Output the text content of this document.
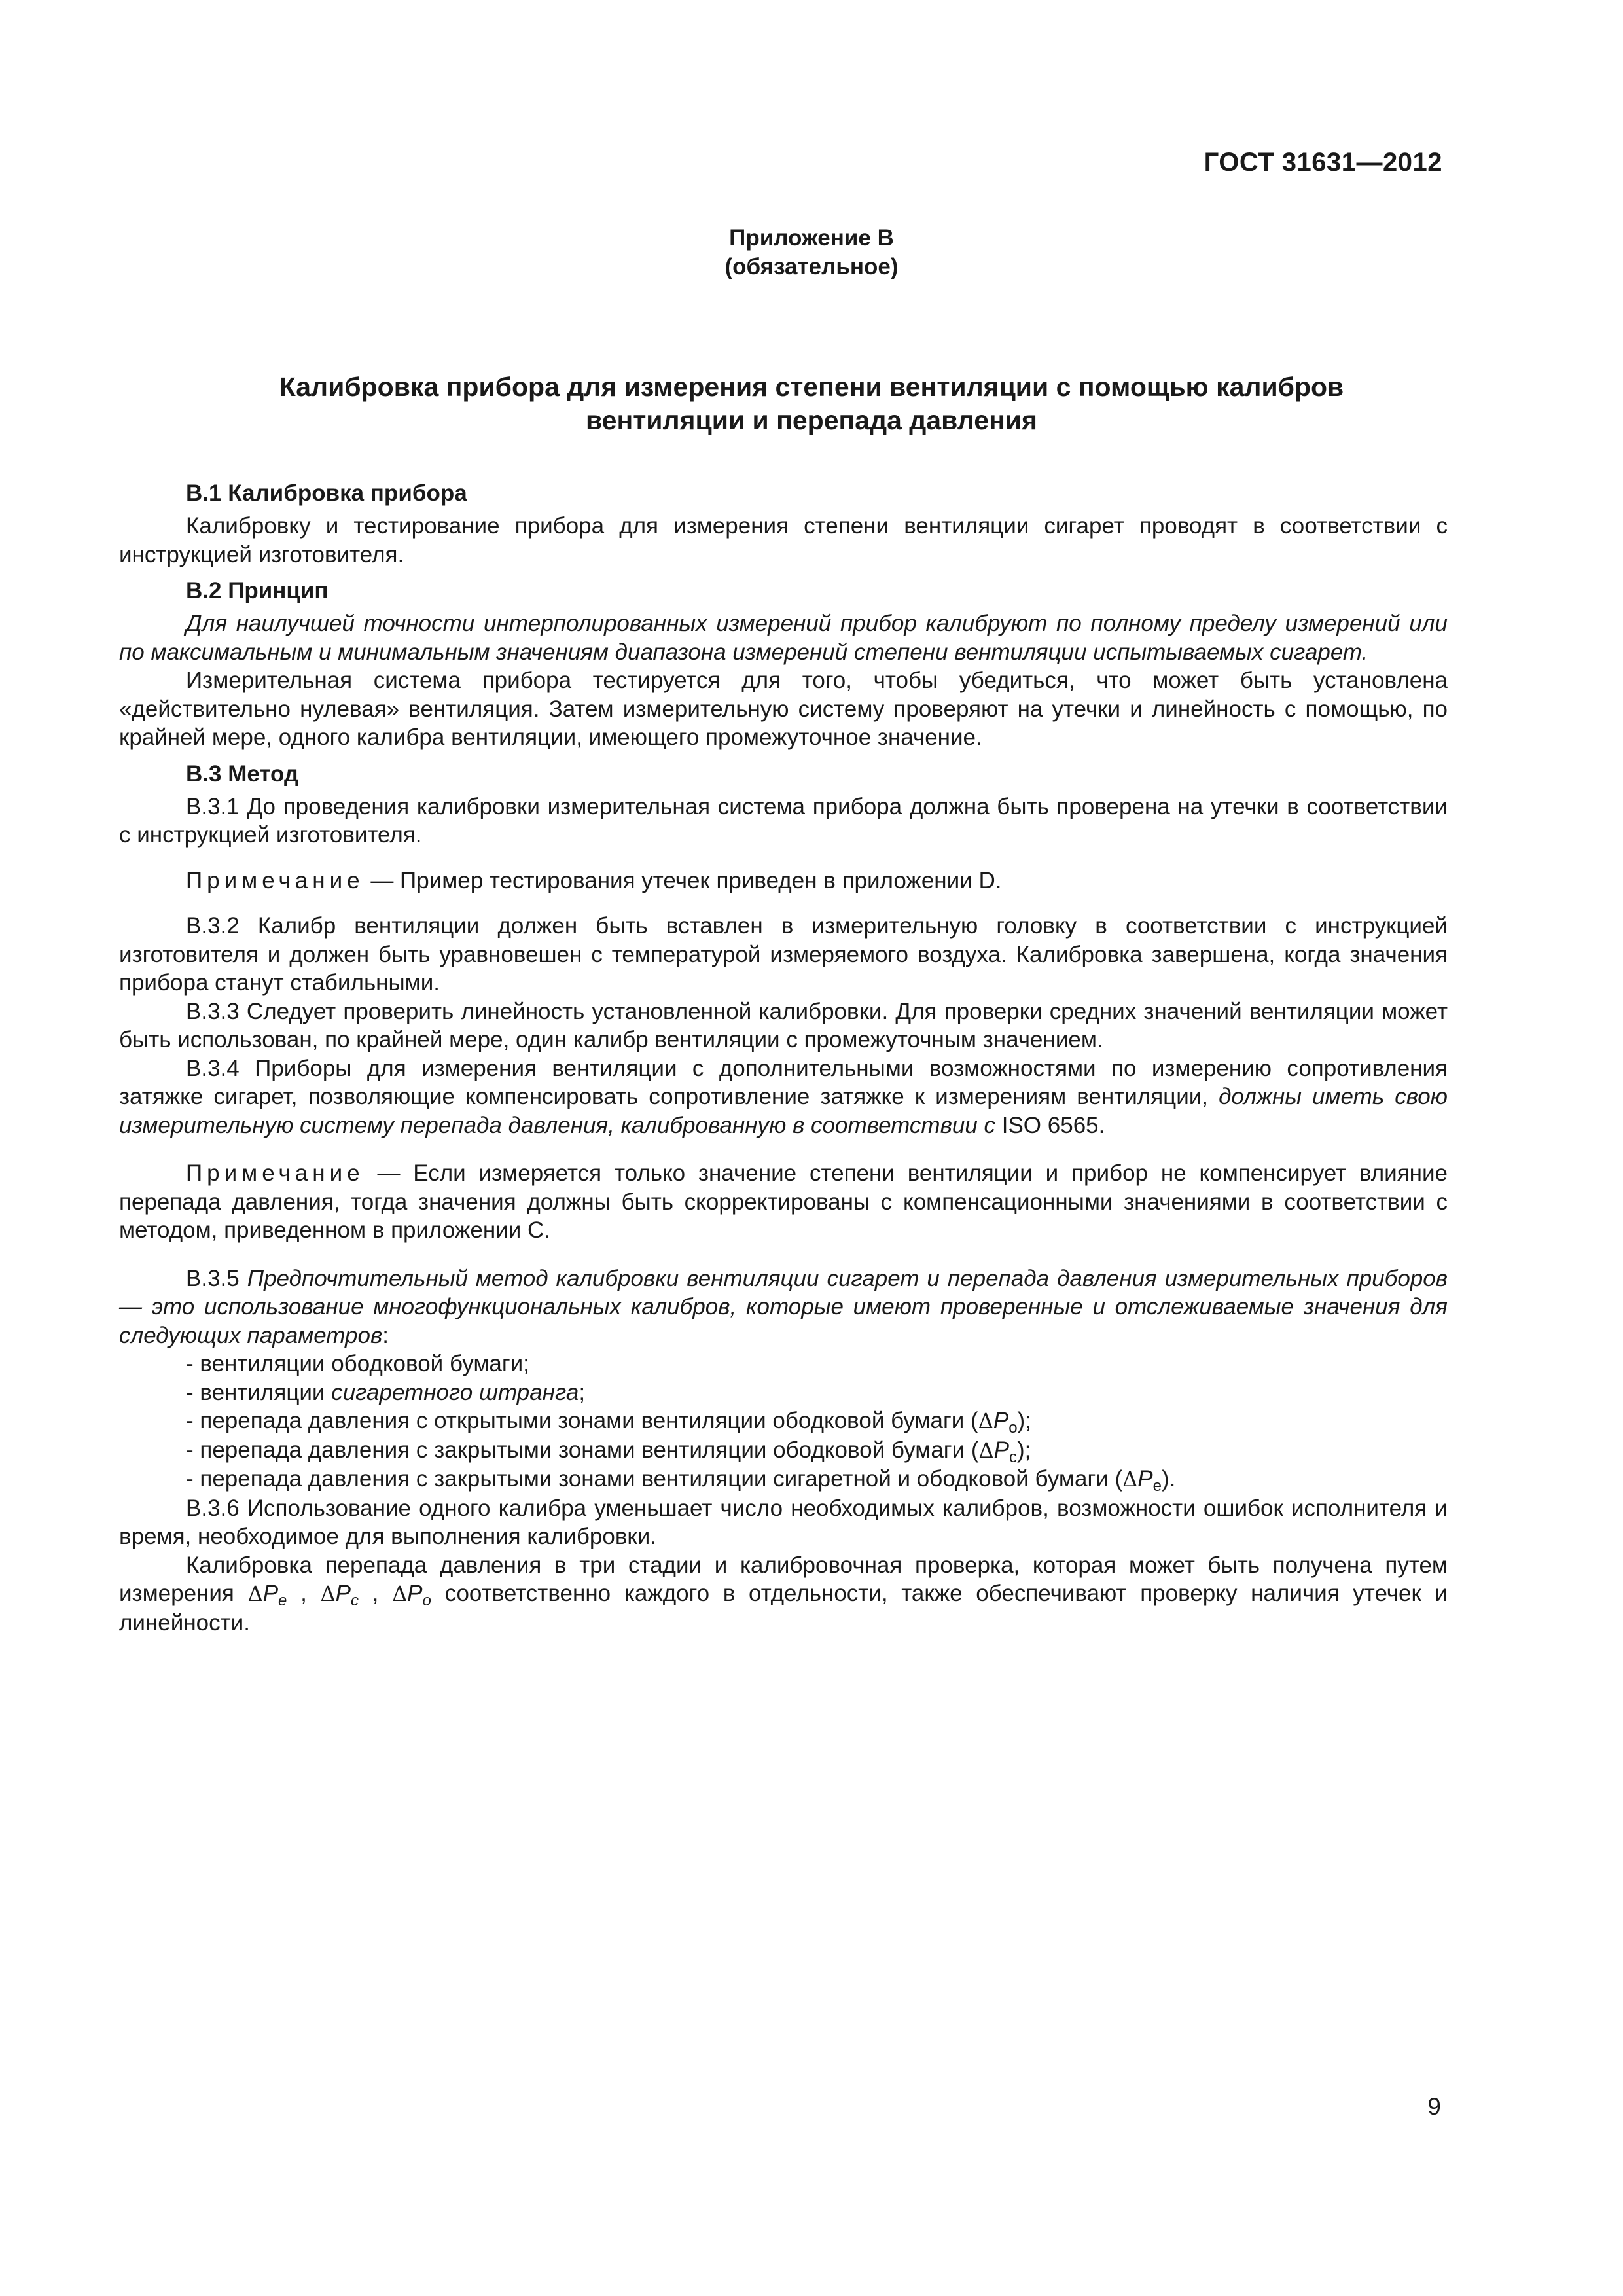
ГОСТ 31631—2012
Приложение В
(обязательное)
Калибровка прибора для измерения степени вентиляции с помощью калибров
вентиляции и перепада давления
В.1 Калибровка прибора

Калибровку и тестирование прибора для измерения степени вентиляции сигарет проводят в соответствии с инструкцией изготовителя.

В.2 Принцип

Для наилучшей точности интерполированных измерений прибор калибруют по полному пределу измерений или по максимальным и минимальным значениям диапазона измерений степени вентиляции испытываемых сигарет.

Измерительная система прибора тестируется для того, чтобы убедиться, что может быть установлена «действительно нулевая» вентиляция. Затем измерительную систему проверяют на утечки и линейность с помощью, по крайней мере, одного калибра вентиляции, имеющего промежуточное значение.

В.3 Метод

В.3.1 До проведения калибровки измерительная система прибора должна быть проверена на утечки в соответствии с инструкцией изготовителя.

Примечание — Пример тестирования утечек приведен в приложении D.

В.3.2 Калибр вентиляции должен быть вставлен в измерительную головку в соответствии с инструкцией изготовителя и должен быть уравновешен с температурой измеряемого воздуха. Калибровка завершена, когда значения прибора станут стабильными.

В.3.3 Следует проверить линейность установленной калибровки. Для проверки средних значений вентиляции может быть использован, по крайней мере, один калибр вентиляции с промежуточным значением.

В.3.4 Приборы для измерения вентиляции с дополнительными возможностями по измерению сопротивления затяжке сигарет, позволяющие компенсировать сопротивление затяжке к измерениям вентиляции, должны иметь свою измерительную систему перепада давления, калиброванную в соответствии с ISO 6565.

Примечание — Если измеряется только значение степени вентиляции и прибор не компенсирует влияние перепада давления, тогда значения должны быть скорректированы с компенсационными значениями в соответствии с методом, приведенном в приложении С.

В.3.5 Предпочтительный метод калибровки вентиляции сигарет и перепада давления измерительных приборов — это использование многофункциональных калибров, которые имеют проверенные и отслеживаемые значения для следующих параметров:

- вентиляции ободковой бумаги;
- вентиляции сигаретного штранга;
- перепада давления с открытыми зонами вентиляции ободковой бумаги $(\Delta P_o)$;
- перепада давления с закрытыми зонами вентиляции ободковой бумаги $(\Delta P_c)$;
- перепада давления с закрытыми зонами вентиляции сигаретной и ободковой бумаги $(\Delta P_e)$.

В.3.6 Использование одного калибра уменьшает число необходимых калибров, возможности ошибок исполнителя и время, необходимое для выполнения калибровки.

Калибровка перепада давления в три стадии и калибровочная проверка, которая может быть получена путем измерения $\Delta P_e$ , $\Delta P_c$ , $\Delta P_o$ соответственно каждого в отдельности, также обеспечивают проверку наличия утечек и линейности.

9
